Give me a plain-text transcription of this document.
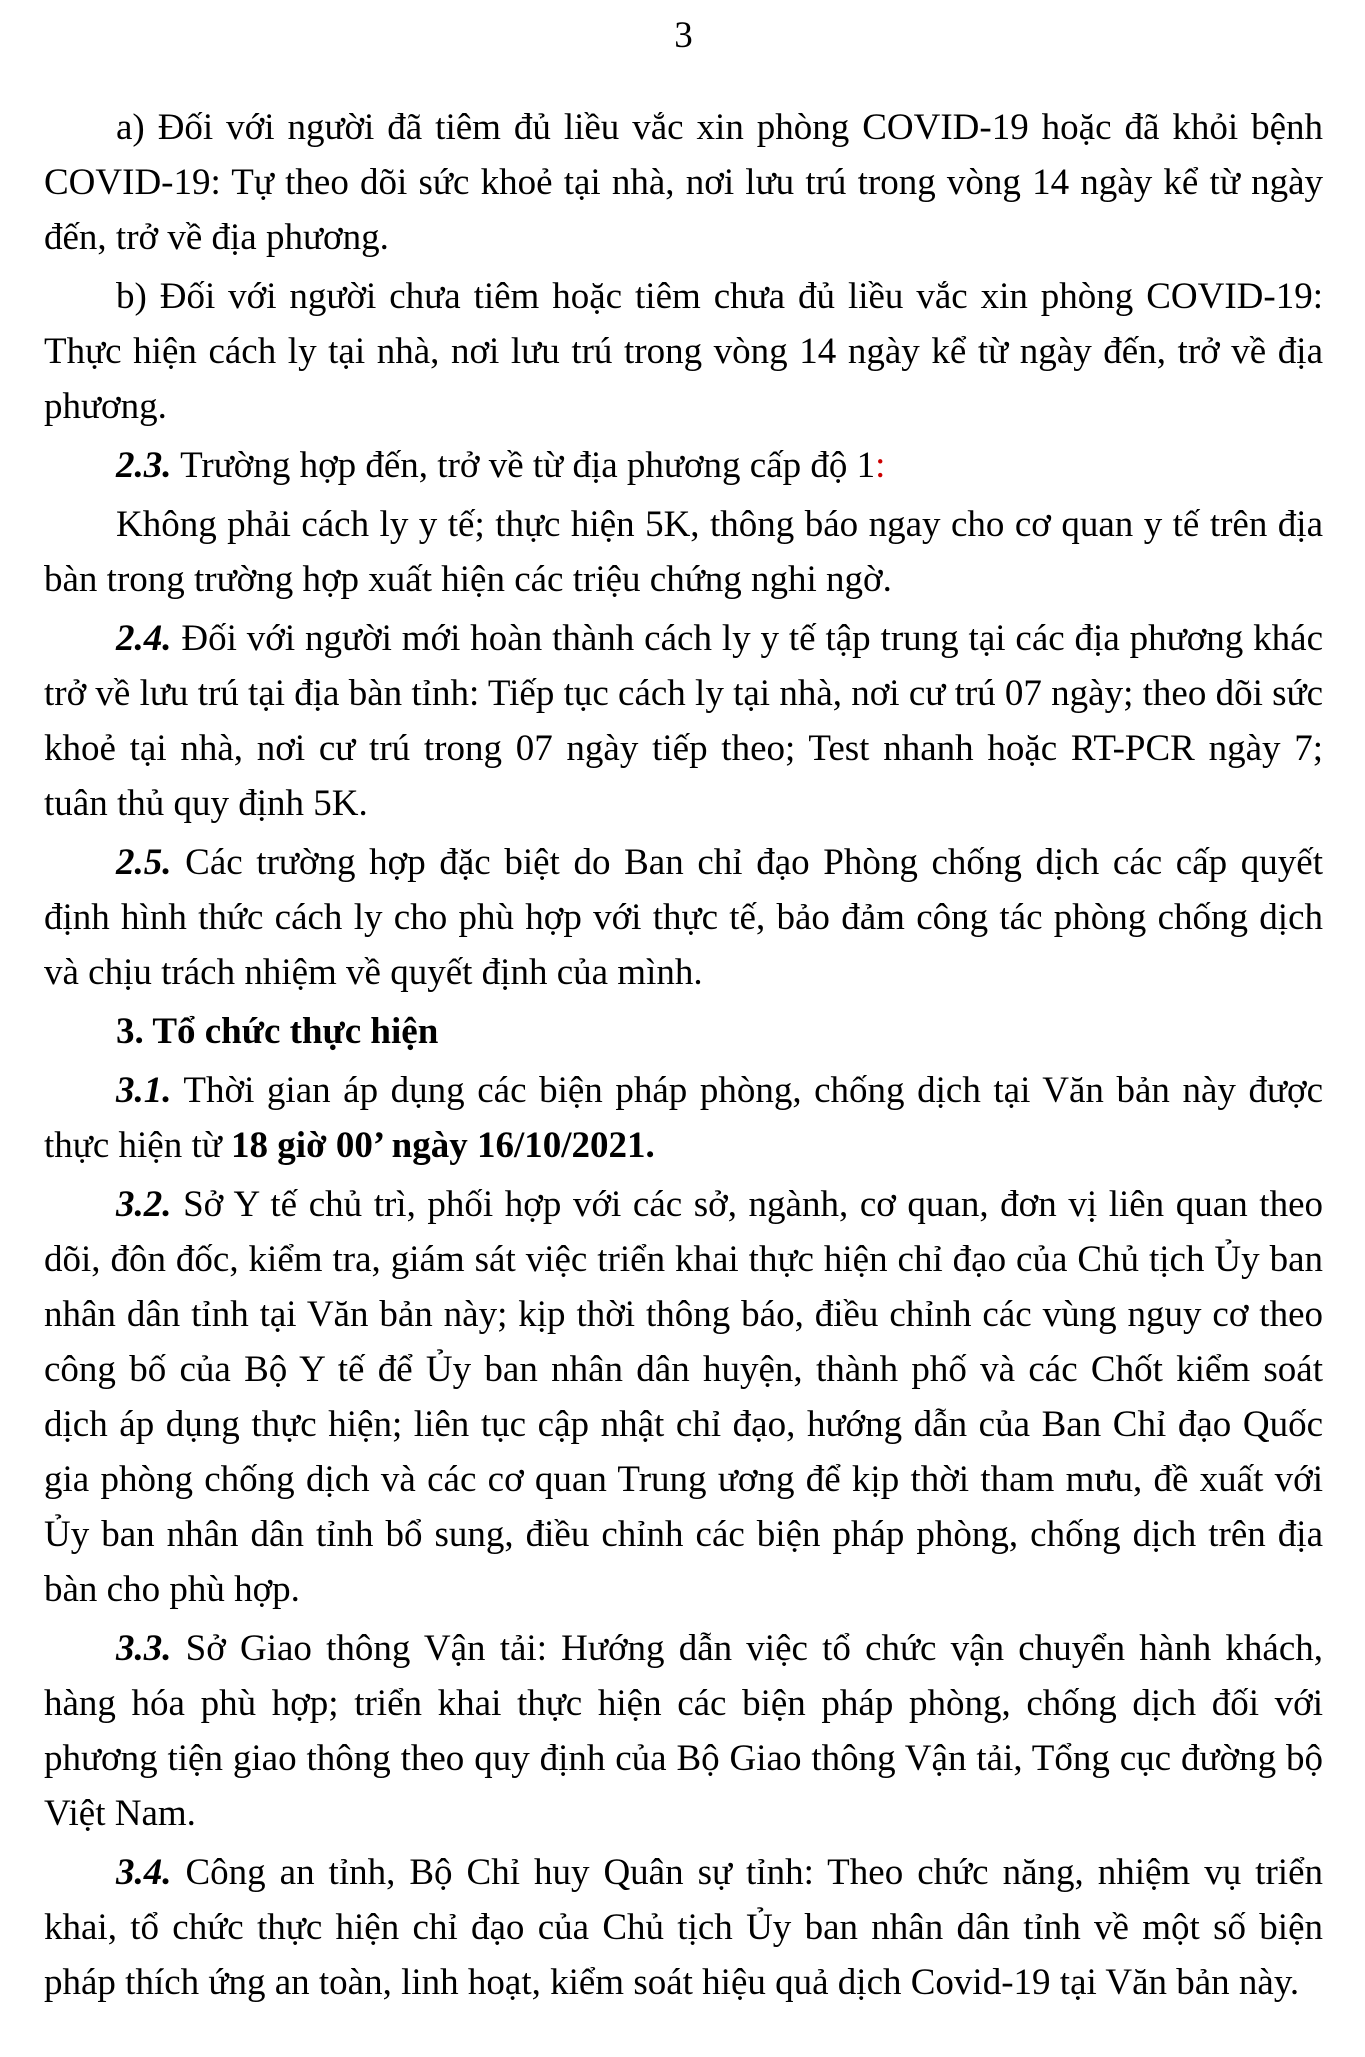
3

a) Đối với người đã tiêm đủ liều vắc xin phòng COVID-19 hoặc đã khỏi bệnh COVID-19: Tự theo dõi sức khoẻ tại nhà, nơi lưu trú trong vòng 14 ngày kể từ ngày đến, trở về địa phương.

b) Đối với người chưa tiêm hoặc tiêm chưa đủ liều vắc xin phòng COVID-19: Thực hiện cách ly tại nhà, nơi lưu trú trong vòng 14 ngày kể từ ngày đến, trở về địa phương.

2.3. Trường hợp đến, trở về từ địa phương cấp độ 1:

Không phải cách ly y tế; thực hiện 5K, thông báo ngay cho cơ quan y tế trên địa bàn trong trường hợp xuất hiện các triệu chứng nghi ngờ.

2.4. Đối với người mới hoàn thành cách ly y tế tập trung tại các địa phương khác trở về lưu trú tại địa bàn tỉnh: Tiếp tục cách ly tại nhà, nơi cư trú 07 ngày; theo dõi sức khoẻ tại nhà, nơi cư trú trong 07 ngày tiếp theo; Test nhanh hoặc RT-PCR ngày 7; tuân thủ quy định 5K.

2.5. Các trường hợp đặc biệt do Ban chỉ đạo Phòng chống dịch các cấp quyết định hình thức cách ly cho phù hợp với thực tế, bảo đảm công tác phòng chống dịch và chịu trách nhiệm về quyết định của mình.

3. Tổ chức thực hiện

3.1. Thời gian áp dụng các biện pháp phòng, chống dịch tại Văn bản này được thực hiện từ 18 giờ 00’ ngày 16/10/2021.

3.2. Sở Y tế chủ trì, phối hợp với các sở, ngành, cơ quan, đơn vị liên quan theo dõi, đôn đốc, kiểm tra, giám sát việc triển khai thực hiện chỉ đạo của Chủ tịch Ủy ban nhân dân tỉnh tại Văn bản này; kịp thời thông báo, điều chỉnh các vùng nguy cơ theo công bố của Bộ Y tế để Ủy ban nhân dân huyện, thành phố và các Chốt kiểm soát dịch áp dụng thực hiện; liên tục cập nhật chỉ đạo, hướng dẫn của Ban Chỉ đạo Quốc gia phòng chống dịch và các cơ quan Trung ương để kịp thời tham mưu, đề xuất với Ủy ban nhân dân tỉnh bổ sung, điều chỉnh các biện pháp phòng, chống dịch trên địa bàn cho phù hợp.

3.3. Sở Giao thông Vận tải: Hướng dẫn việc tổ chức vận chuyển hành khách, hàng hóa phù hợp; triển khai thực hiện các biện pháp phòng, chống dịch đối với phương tiện giao thông theo quy định của Bộ Giao thông Vận tải, Tổng cục đường bộ Việt Nam.

3.4. Công an tỉnh, Bộ Chỉ huy Quân sự tỉnh: Theo chức năng, nhiệm vụ triển khai, tổ chức thực hiện chỉ đạo của Chủ tịch Ủy ban nhân dân tỉnh về một số biện pháp thích ứng an toàn, linh hoạt, kiểm soát hiệu quả dịch Covid-19 tại Văn bản này.
